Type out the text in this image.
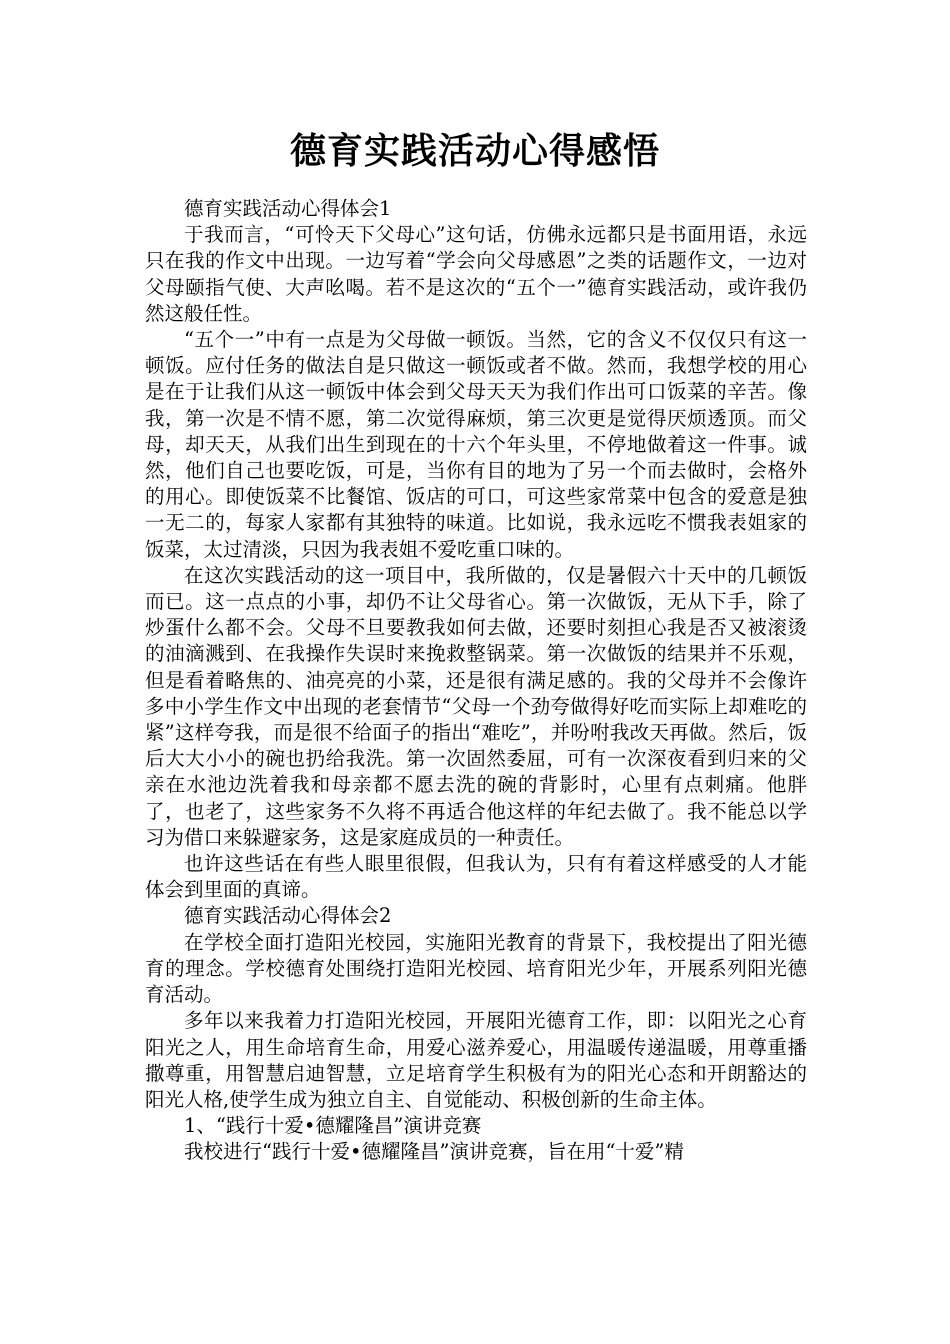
德育实践活动心得感悟

德育实践活动心得体会1

于我而言，“可怜天下父母心”这句话，仿佛永远都只是书面用语，永远只在我的作文中出现。一边写着“学会向父母感恩”之类的话题作文，一边对父母颐指气使、大声吆喝。若不是这次的“五个一”德育实践活动，或许我仍然这般任性。

“五个一”中有一点是为父母做一顿饭。当然，它的含义不仅仅只有这一顿饭。应付任务的做法自是只做这一顿饭或者不做。然而，我想学校的用心是在于让我们从这一顿饭中体会到父母天天为我们作出可口饭菜的辛苦。像我，第一次是不情不愿，第二次觉得麻烦，第三次更是觉得厌烦透顶。而父母，却天天，从我们出生到现在的十六个年头里，不停地做着这一件事。诚然，他们自己也要吃饭，可是，当你有目的地为了另一个而去做时，会格外的用心。即使饭菜不比餐馆、饭店的可口，可这些家常菜中包含的爱意是独一无二的，每家人家都有其独特的味道。比如说，我永远吃不惯我表姐家的饭菜，太过清淡，只因为我表姐不爱吃重口味的。

在这次实践活动的这一项目中，我所做的，仅是暑假六十天中的几顿饭而已。这一点点的小事，却仍不让父母省心。第一次做饭，无从下手，除了炒蛋什么都不会。父母不旦要教我如何去做，还要时刻担心我是否又被滚烫的油滴溅到、在我操作失误时来挽救整锅菜。第一次做饭的结果并不乐观，但是看着略焦的、油亮亮的小菜，还是很有满足感的。我的父母并不会像许多中小学生作文中出现的老套情节“父母一个劲夸做得好吃而实际上却难吃的紧”这样夸我，而是很不给面子的指出“难吃”，并吩咐我改天再做。然后，饭后大大小小的碗也扔给我洗。第一次固然委屈，可有一次深夜看到归来的父亲在水池边洗着我和母亲都不愿去洗的碗的背影时，心里有点刺痛。他胖了，也老了，这些家务不久将不再适合他这样的年纪去做了。我不能总以学习为借口来躲避家务，这是家庭成员的一种责任。

也许这些话在有些人眼里很假，但我认为，只有有着这样感受的人才能体会到里面的真谛。

德育实践活动心得体会2

在学校全面打造阳光校园，实施阳光教育的背景下，我校提出了阳光德育的理念。学校德育处围绕打造阳光校园、培育阳光少年，开展系列阳光德育活动。

多年以来我着力打造阳光校园，开展阳光德育工作，即：以阳光之心育阳光之人，用生命培育生命，用爱心滋养爱心，用温暖传递温暖，用尊重播撒尊重，用智慧启迪智慧，立足培育学生积极有为的阳光心态和开朗豁达的阳光人格,使学生成为独立自主、自觉能动、积极创新的生命主体。

1、“践行十爱•德耀隆昌”演讲竞赛

我校进行“践行十爱•德耀隆昌”演讲竞赛，旨在用“十爱”精
